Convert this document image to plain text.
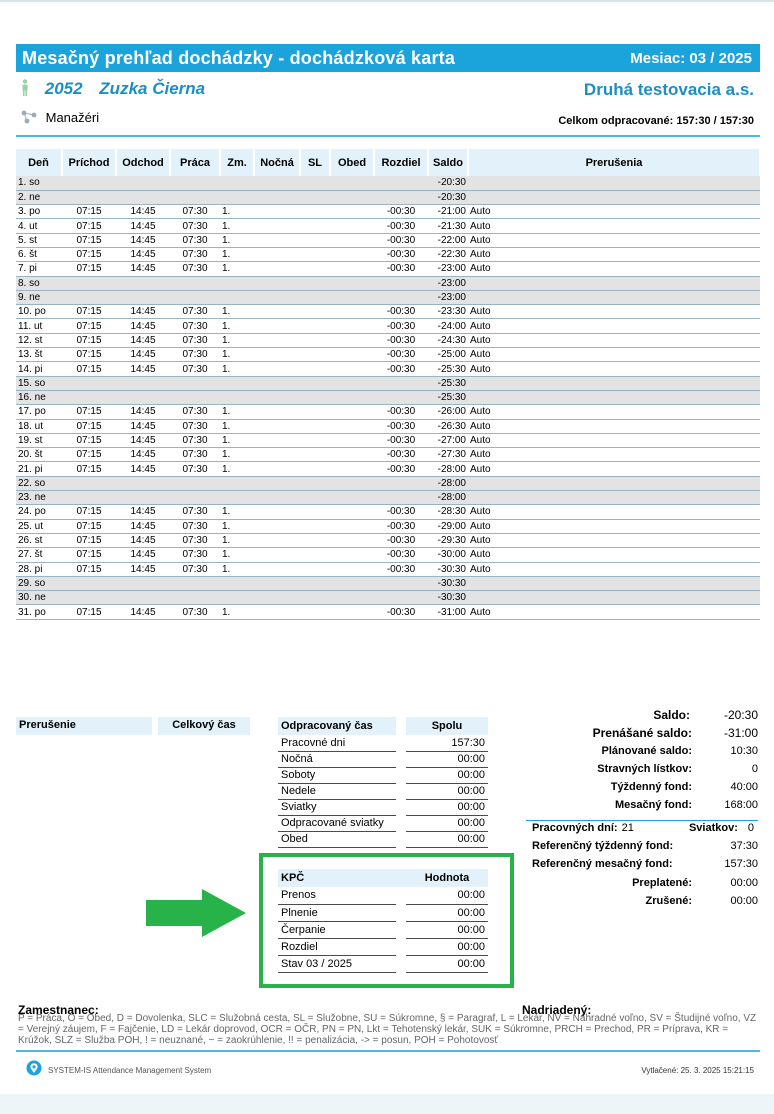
Mesačný prehľad dochádzky - dochádzková karta	Mesiac: 03 / 2025
2052 Zuzka Čierna	Druhá testovacia a.s.
Manažéri	Celkom odpracované: 157:30 / 157:30
Deň	Príchod	Odchod	Práca	Zm.	Nočná	SL	Obed	Rozdiel	Saldo	Prerušenia
1. so									-20:30	
2. ne									-20:30	
3. po	07:15	14:45	07:30	1.				-00:30	-21:00	Auto
4. ut	07:15	14:45	07:30	1.				-00:30	-21:30	Auto
5. st	07:15	14:45	07:30	1.				-00:30	-22:00	Auto
6. št	07:15	14:45	07:30	1.				-00:30	-22:30	Auto
7. pi	07:15	14:45	07:30	1.				-00:30	-23:00	Auto
8. so									-23:00	
9. ne									-23:00	
10. po	07:15	14:45	07:30	1.				-00:30	-23:30	Auto
11. ut	07:15	14:45	07:30	1.				-00:30	-24:00	Auto
12. st	07:15	14:45	07:30	1.				-00:30	-24:30	Auto
13. št	07:15	14:45	07:30	1.				-00:30	-25:00	Auto
14. pi	07:15	14:45	07:30	1.				-00:30	-25:30	Auto
15. so									-25:30	
16. ne									-25:30	
17. po	07:15	14:45	07:30	1.				-00:30	-26:00	Auto
18. ut	07:15	14:45	07:30	1.				-00:30	-26:30	Auto
19. st	07:15	14:45	07:30	1.				-00:30	-27:00	Auto
20. št	07:15	14:45	07:30	1.				-00:30	-27:30	Auto
21. pi	07:15	14:45	07:30	1.				-00:30	-28:00	Auto
22. so									-28:00	
23. ne									-28:00	
24. po	07:15	14:45	07:30	1.				-00:30	-28:30	Auto
25. ut	07:15	14:45	07:30	1.				-00:30	-29:00	Auto
26. st	07:15	14:45	07:30	1.				-00:30	-29:30	Auto
27. št	07:15	14:45	07:30	1.				-00:30	-30:00	Auto
28. pi	07:15	14:45	07:30	1.				-00:30	-30:30	Auto
29. so									-30:30	
30. ne									-30:30	
31. po	07:15	14:45	07:30	1.				-00:30	-31:00	Auto
Prerušenie	Celkový čas	Odpracovaný čas		Spolu
Pracovné dni		157:30
Nočná		00:00
Soboty		00:00
Nedele		00:00
Sviatky		00:00
Odpracované sviatky		00:00
Obed		00:00
KPČ		Hodnota
Prenos		00:00
Plnenie		00:00
Čerpanie		00:00
Rozdiel		00:00
Stav 03 / 2025		00:00
Saldo:	-20:30
Prenášané saldo:	-31:00
Plánované saldo:	10:30
Stravných lístkov:	0
Týždenný fond:	40:00
Mesačný fond:	168:00
Pracovných dní: 21	Sviatkov: 0
Referenčný týždenný fond:	37:30
Referenčný mesačný fond:	157:30
Preplatené:	00:00
Zrušené:	00:00
Zamestnanec:	Nadriadený:
P = Práca, O = Obed, D = Dovolenka, SLC = Služobná cesta, SL = Služobne, SU = Súkromne, § = Paragraf, L = Lekár, NV = Náhradné voľno, SV = Študijné voľno, VZ = Verejný záujem, F = Fajčenie, LD = Lekár doprovod, OCR = OČR, PN = PN, Lkt = Tehotenský lekár, SUK = Súkromne, PRCH = Prechod, PR = Príprava, KR = Krúžok, SLZ = Služba POH, ! = neuznané, ~ = zaokrúhlenie, !! = penalizácia, -> = posun, POH = Pohotovosť
SYSTEM-IS Attendance Management System	Vytlačené: 25. 3. 2025 15:21:15
